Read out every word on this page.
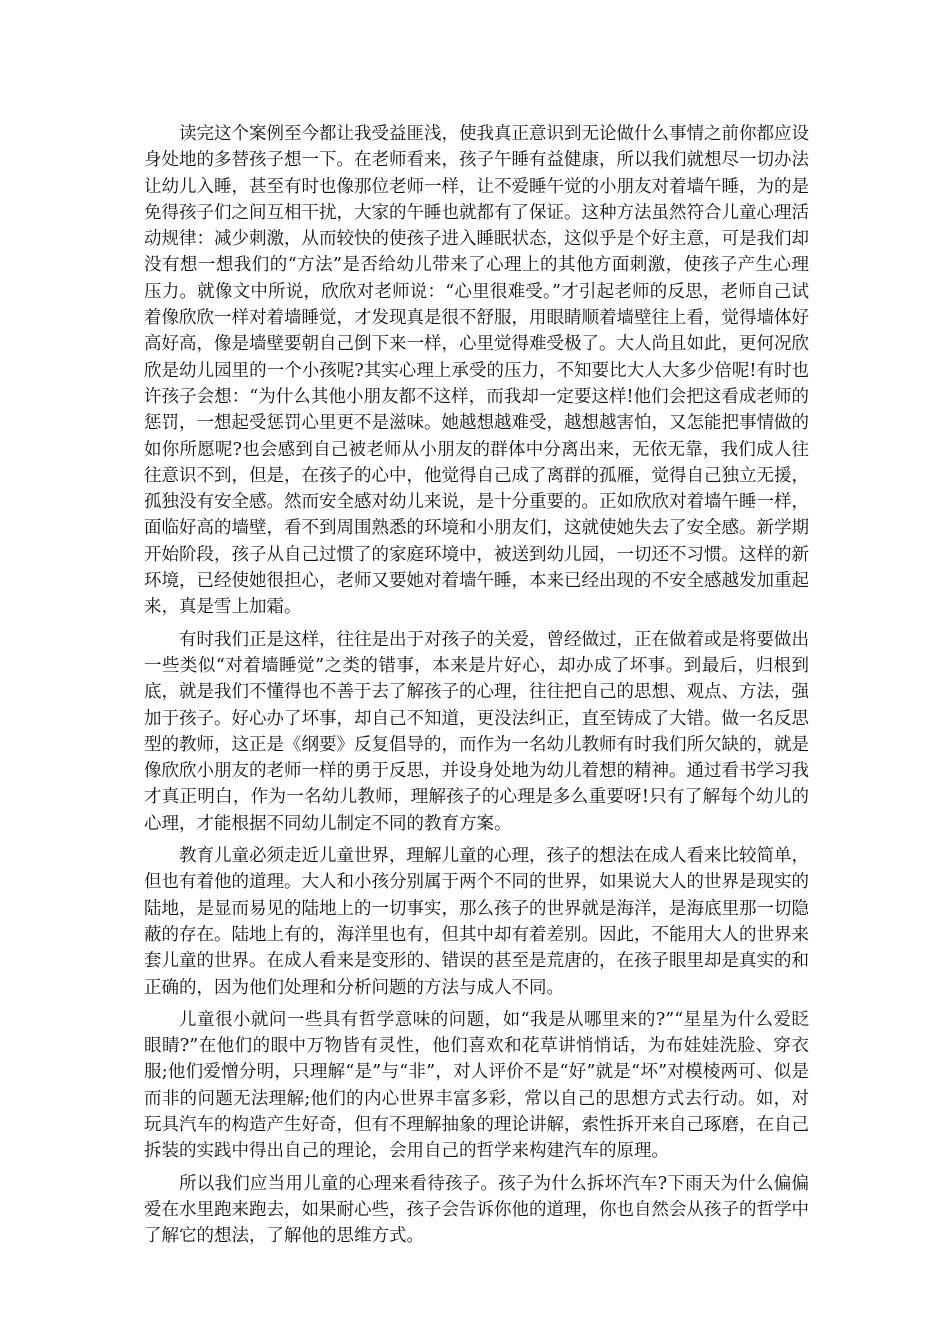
读完这个案例至今都让我受益匪浅，使我真正意识到无论做什么事情之前你都应设身处地的多替孩子想一下。在老师看来，孩子午睡有益健康，所以我们就想尽一切办法让幼儿入睡，甚至有时也像那位老师一样，让不爱睡午觉的小朋友对着墙午睡，为的是免得孩子们之间互相干扰，大家的午睡也就都有了保证。这种方法虽然符合儿童心理活动规律：减少刺激，从而较快的使孩子进入睡眠状态，这似乎是个好主意，可是我们却没有想一想我们的“方法”是否给幼儿带来了心理上的其他方面刺激，使孩子产生心理压力。就像文中所说，欣欣对老师说：“心里很难受。”才引起老师的反思，老师自己试着像欣欣一样对着墙睡觉，才发现真是很不舒服，用眼睛顺着墙壁往上看，觉得墙体好高好高，像是墙壁要朝自己倒下来一样，心里觉得难受极了。大人尚且如此，更何况欣欣是幼儿园里的一个小孩呢?其实心理上承受的压力，不知要比大人大多少倍呢!有时也许孩子会想：“为什么其他小朋友都不这样，而我却一定要这样!他们会把这看成老师的惩罚，一想起受惩罚心里更不是滋味。她越想越难受，越想越害怕，又怎能把事情做的如你所愿呢?也会感到自己被老师从小朋友的群体中分离出来，无依无靠，我们成人往往意识不到，但是，在孩子的心中，他觉得自己成了离群的孤雁，觉得自己独立无援，孤独没有安全感。然而安全感对幼儿来说，是十分重要的。正如欣欣对着墙午睡一样，面临好高的墙壁，看不到周围熟悉的环境和小朋友们，这就使她失去了安全感。新学期开始阶段，孩子从自己过惯了的家庭环境中，被送到幼儿园，一切还不习惯。这样的新环境，已经使她很担心，老师又要她对着墙午睡，本来已经出现的不安全感越发加重起来，真是雪上加霜。

有时我们正是这样，往往是出于对孩子的关爱，曾经做过，正在做着或是将要做出一些类似“对着墙睡觉”之类的错事，本来是片好心，却办成了坏事。到最后，归根到底，就是我们不懂得也不善于去了解孩子的心理，往往把自己的思想、观点、方法，强加于孩子。好心办了坏事，却自己不知道，更没法纠正，直至铸成了大错。做一名反思型的教师，这正是《纲要》反复倡导的，而作为一名幼儿教师有时我们所欠缺的，就是像欣欣小朋友的老师一样的勇于反思，并设身处地为幼儿着想的精神。通过看书学习我才真正明白，作为一名幼儿教师，理解孩子的心理是多么重要呀!只有了解每个幼儿的心理，才能根据不同幼儿制定不同的教育方案。

教育儿童必须走近儿童世界，理解儿童的心理，孩子的想法在成人看来比较简单，但也有着他的道理。大人和小孩分别属于两个不同的世界，如果说大人的世界是现实的陆地，是显而易见的陆地上的一切事实，那么孩子的世界就是海洋，是海底里那一切隐蔽的存在。陆地上有的，海洋里也有，但其中却有着差别。因此，不能用大人的世界来套儿童的世界。在成人看来是变形的、错误的甚至是荒唐的，在孩子眼里却是真实的和正确的，因为他们处理和分析问题的方法与成人不同。

儿童很小就问一些具有哲学意味的问题，如“我是从哪里来的?”“星星为什么爱眨眼睛?”在他们的眼中万物皆有灵性，他们喜欢和花草讲悄悄话，为布娃娃洗脸、穿衣服;他们爱憎分明，只理解“是”与“非”，对人评价不是“好”就是“坏”对模棱两可、似是而非的问题无法理解;他们的内心世界丰富多彩，常以自己的思想方式去行动。如，对玩具汽车的构造产生好奇，但有不理解抽象的理论讲解，索性拆开来自己琢磨，在自己拆装的实践中得出自己的理论，会用自己的哲学来构建汽车的原理。

所以我们应当用儿童的心理来看待孩子。孩子为什么拆坏汽车?下雨天为什么偏偏爱在水里跑来跑去，如果耐心些，孩子会告诉你他的道理，你也自然会从孩子的哲学中了解它的想法，了解他的思维方式。
